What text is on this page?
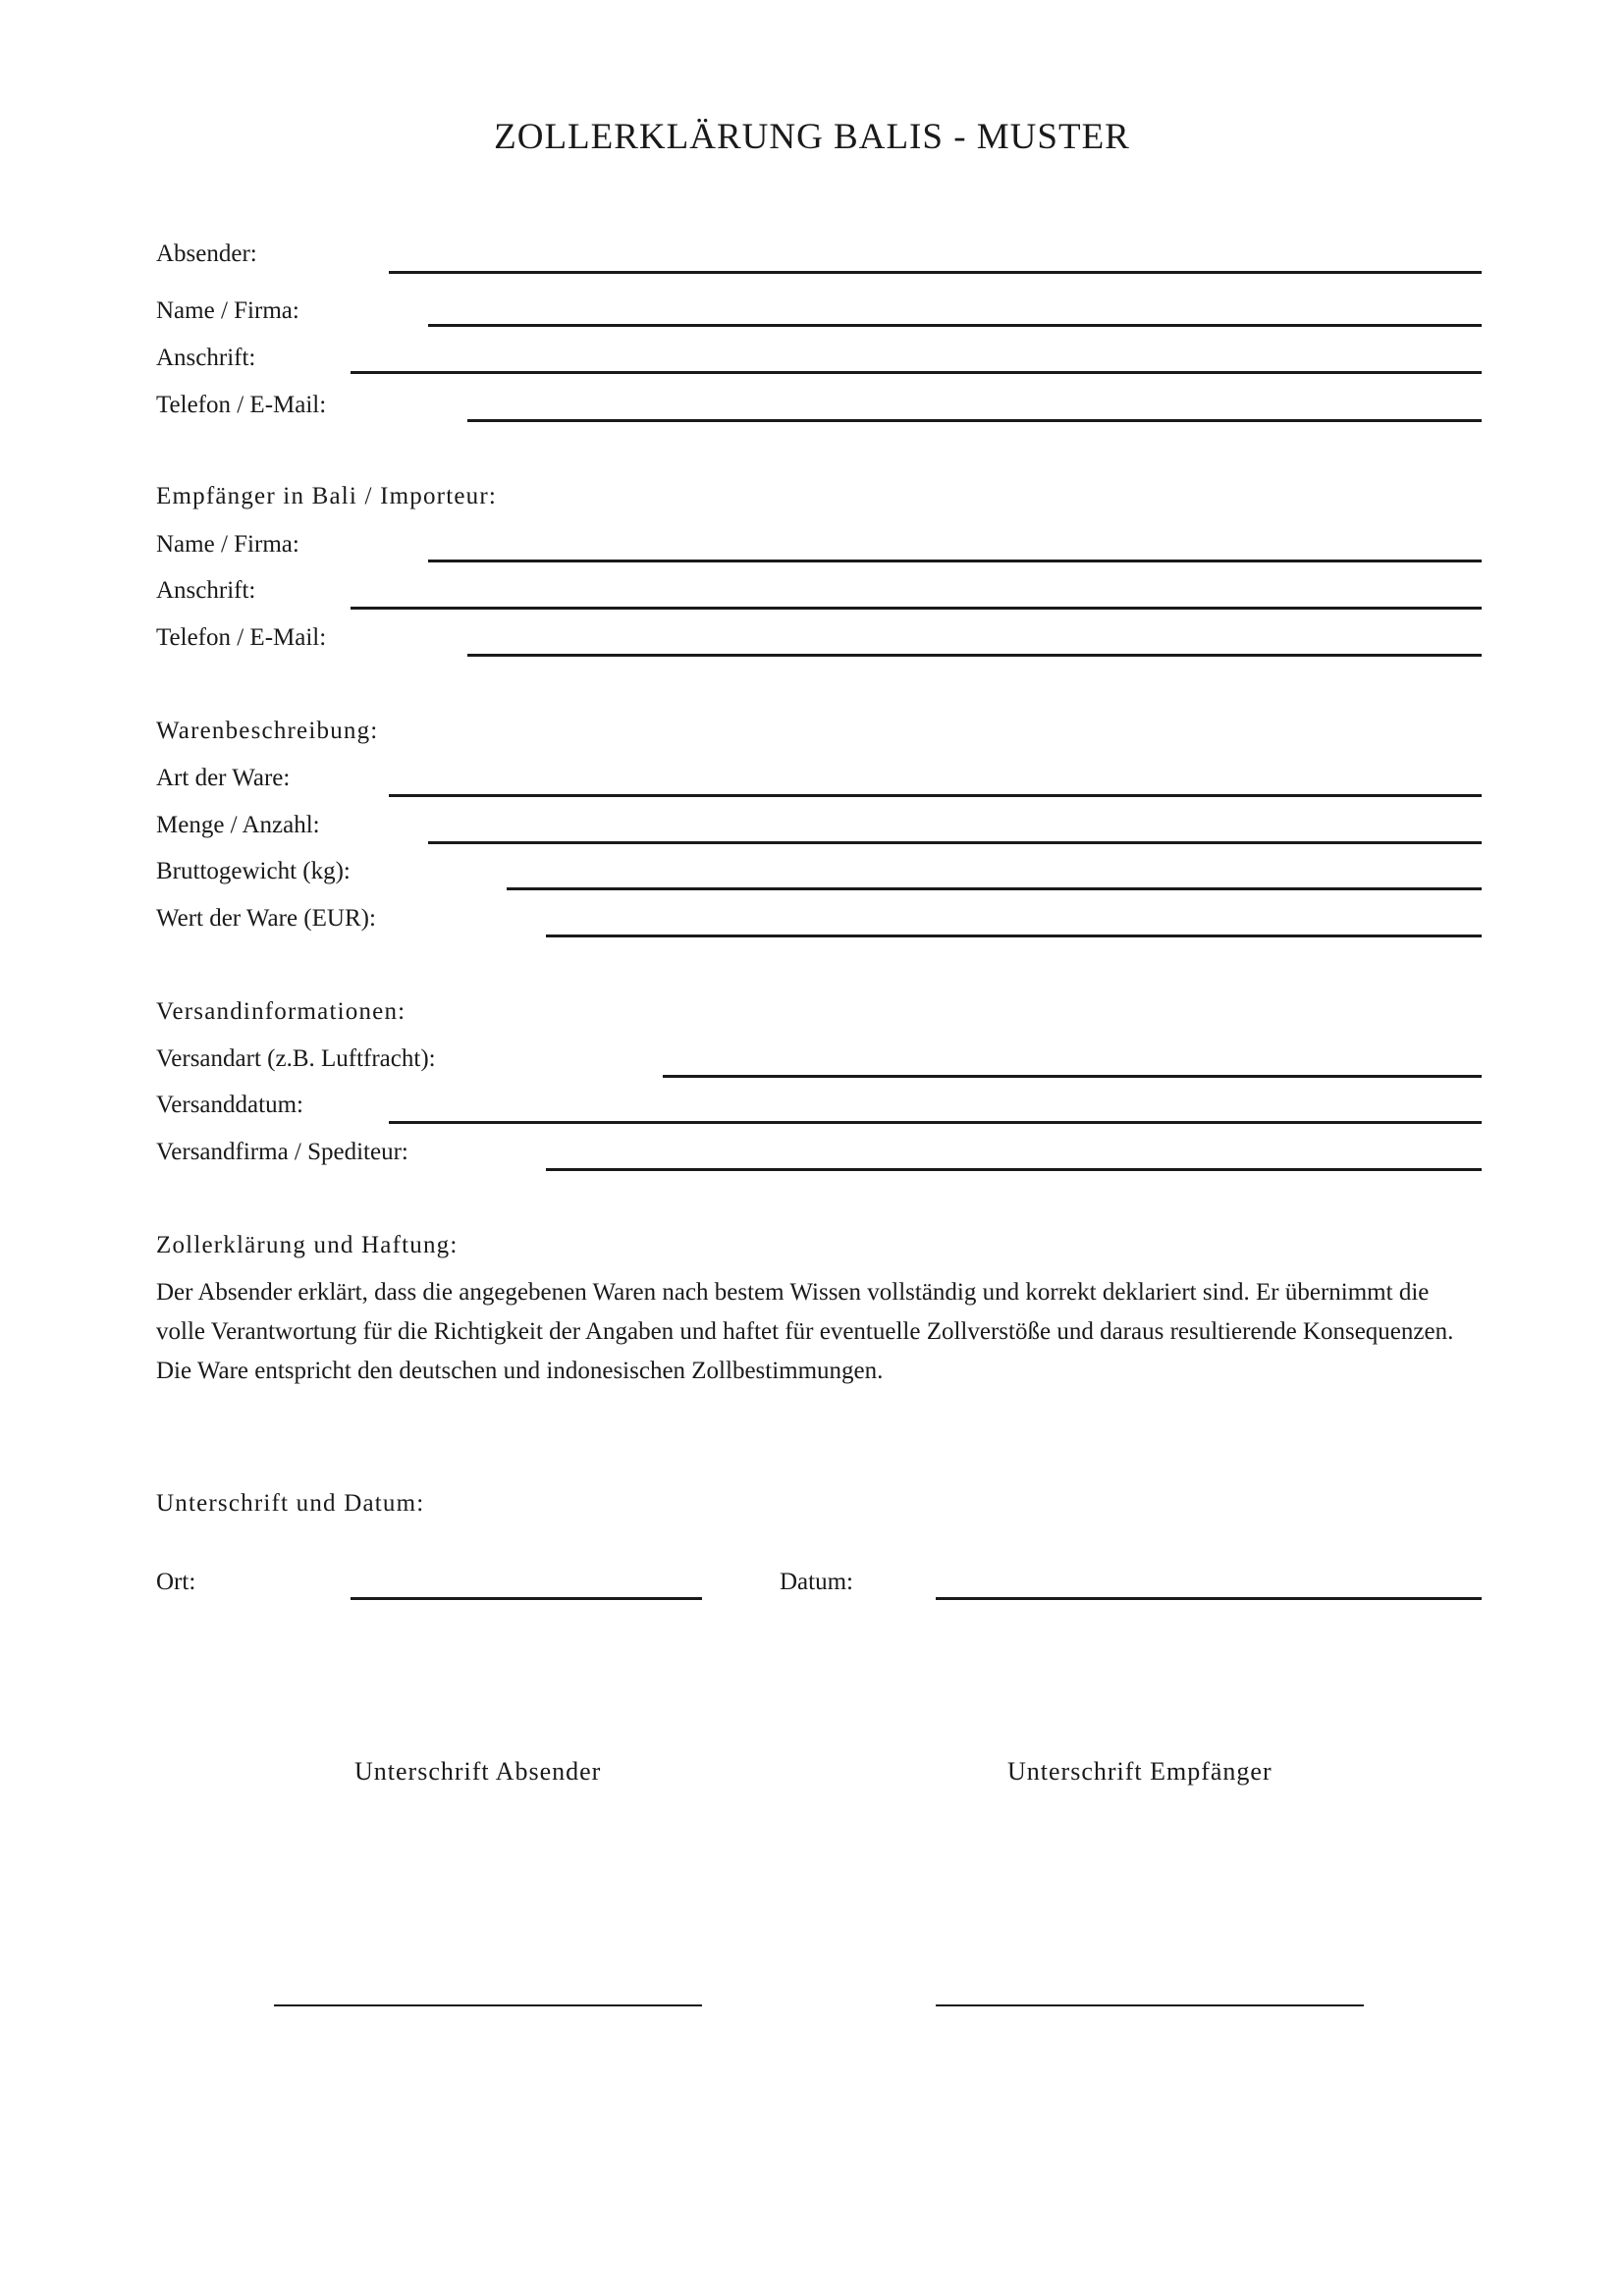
ZOLLERKLÄRUNG BALIS - MUSTER
Absender:
Name / Firma:
Anschrift:
Telefon / E-Mail:
Empfänger in Bali / Importeur:
Name / Firma:
Anschrift:
Telefon / E-Mail:
Warenbeschreibung:
Art der Ware:
Menge / Anzahl:
Bruttogewicht (kg):
Wert der Ware (EUR):
Versandinformationen:
Versandart (z.B. Luftfracht):
Versanddatum:
Versandfirma / Spediteur:
Zollerklärung und Haftung:

Der Absender erklärt, dass die angegebenen Waren nach bestem Wissen vollständig und korrekt deklariert sind. Er übernimmt die volle Verantwortung für die Richtigkeit der Angaben und haftet für eventuelle Zollverstöße und daraus resultierende Konsequenzen. Die Ware entspricht den deutschen und indonesischen Zollbestimmungen.

Unterschrift und Datum:
Ort:	Datum:
Unterschrift Absender	Unterschrift Empfänger
